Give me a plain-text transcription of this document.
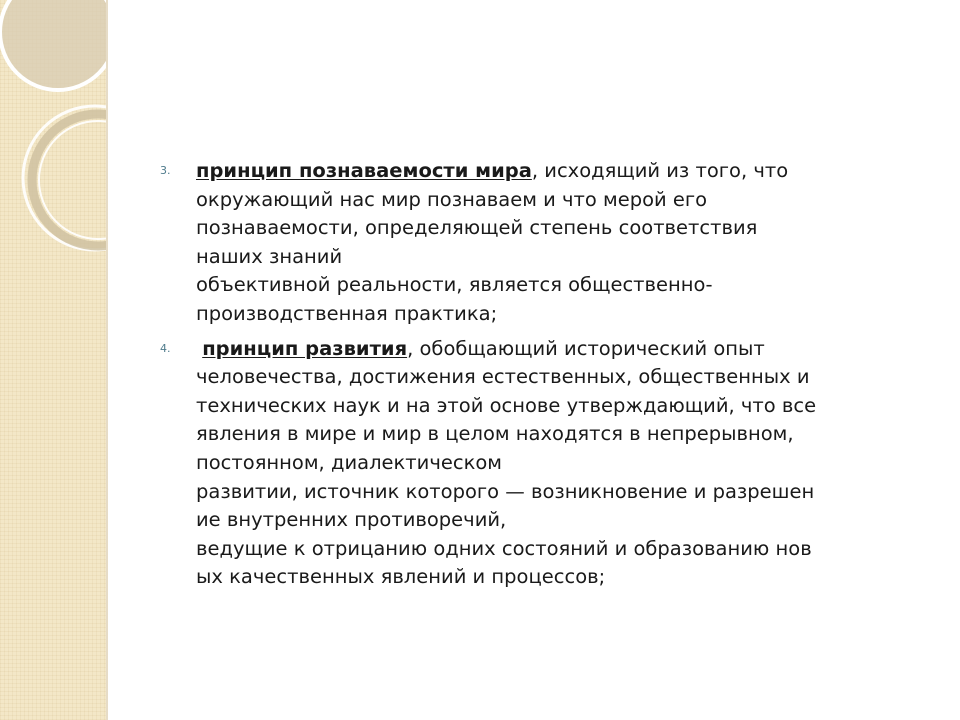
3.	принцип познаваемости мира, исходящий из того, что
окружающий нас мир познаваем и что мерой его
познаваемости, определяющей степень соответствия
наших знаний
объективной реальности, является общественно-
производственная практика;
4.	принцип развития, обобщающий исторический опыт
человечества, достижения естественных, общественных и
технических наук и на этой основе утверждающий, что все
явления в мире и мир в целом находятся в непрерывном,
постоянном, диалектическом
развитии, источник которого — возникновение и разрешен
ие внутренних противоречий,
ведущие к отрицанию одних состояний и образованию нов
ых качественных явлений и процессов;
